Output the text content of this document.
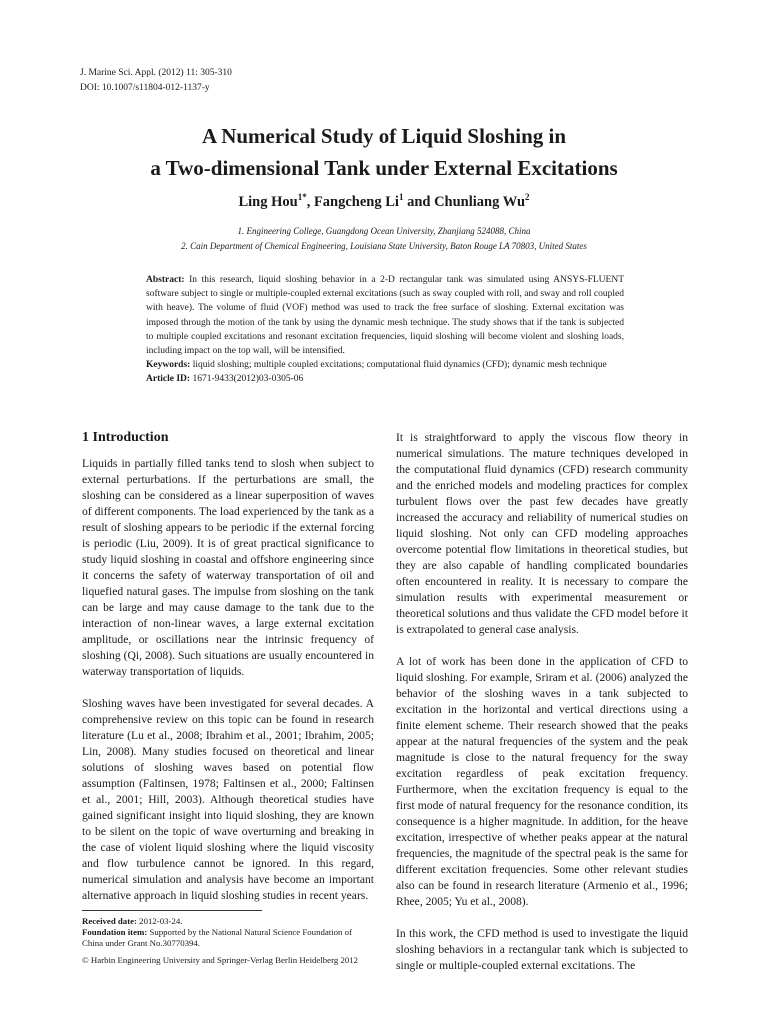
J. Marine Sci. Appl. (2012) 11: 305-310
DOI: 10.1007/s11804-012-1137-y
A Numerical Study of Liquid Sloshing in
a Two-dimensional Tank under External Excitations
Ling Hou$^{1*}$, Fangcheng Li$^1$ and Chunliang Wu$^2$
1. Engineering College, Guangdong Ocean University, Zhanjiang 524088, China
2. Cain Department of Chemical Engineering, Louisiana State University, Baton Rouge LA 70803, United States

Abstract: In this research, liquid sloshing behavior in a 2-D rectangular tank was simulated using ANSYS-FLUENT software subject to single or multiple-coupled external excitations (such as sway coupled with roll, and sway and roll coupled with heave). The volume of fluid (VOF) method was used to track the free surface of sloshing. External excitation was imposed through the motion of the tank by using the dynamic mesh technique. The study shows that if the tank is subjected to multiple coupled excitations and resonant excitation frequencies, liquid sloshing will become violent and sloshing loads, including impact on the top wall, will be intensified.

Keywords: liquid sloshing; multiple coupled excitations; computational fluid dynamics (CFD); dynamic mesh technique

Article ID: 1671-9433(2012)03-0305-06

1 Introduction

Liquids in partially filled tanks tend to slosh when subject to external perturbations. If the perturbations are small, the sloshing can be considered as a linear superposition of waves of different components. The load experienced by the tank as a result of sloshing appears to be periodic if the external forcing is periodic (Liu, 2009). It is of great practical significance to study liquid sloshing in coastal and offshore engineering since it concerns the safety of waterway transportation of oil and liquefied natural gases. The impulse from sloshing on the tank can be large and may cause damage to the tank due to the interaction of non-linear waves, a large external excitation amplitude, or oscillations near the intrinsic frequency of sloshing (Qi, 2008). Such situations are usually encountered in waterway transportation of liquids.

Sloshing waves have been investigated for several decades. A comprehensive review on this topic can be found in research literature (Lu et al., 2008; Ibrahim et al., 2001; Ibrahim, 2005; Lin, 2008). Many studies focused on theoretical and linear solutions of sloshing waves based on potential flow assumption (Faltinsen, 1978; Faltinsen et al., 2000; Faltinsen et al., 2001; Hill, 2003). Although theoretical studies have gained significant insight into liquid sloshing, they are known to be silent on the topic of wave overturning and breaking in the case of violent liquid sloshing where the liquid viscosity and flow turbulence cannot be ignored. In this regard, numerical simulation and analysis have become an important alternative approach in liquid sloshing studies in recent years.

It is straightforward to apply the viscous flow theory in numerical simulations. The mature techniques developed in the computational fluid dynamics (CFD) research community and the enriched models and modeling practices for complex turbulent flows over the past few decades have greatly increased the accuracy and reliability of numerical studies on liquid sloshing. Not only can CFD modeling approaches overcome potential flow limitations in theoretical studies, but they are also capable of handling complicated boundaries often encountered in reality. It is necessary to compare the simulation results with experimental measurement or theoretical solutions and thus validate the CFD model before it is extrapolated to general case analysis.

A lot of work has been done in the application of CFD to liquid sloshing. For example, Sriram et al. (2006) analyzed the behavior of the sloshing waves in a tank subjected to excitation in the horizontal and vertical directions using a finite element scheme. Their research showed that the peaks appear at the natural frequencies of the system and the peak magnitude is close to the natural frequency for the sway excitation regardless of peak excitation frequency. Furthermore, when the excitation frequency is equal to the first mode of natural frequency for the resonance condition, its consequence is a higher magnitude. In addition, for the heave excitation, irrespective of whether peaks appear at the natural frequencies, the magnitude of the spectral peak is the same for different excitation frequencies. Some other relevant studies also can be found in research literature (Armenio et al., 1996; Rhee, 2005; Yu et al., 2008).

In this work, the CFD method is used to investigate the liquid sloshing behaviors in a rectangular tank which is subjected to single or multiple-coupled external excitations. The

Received date: 2012-03-24.

Foundation item: Supported by the National Natural Science Foundation of China under Grant No.30770394.

© Harbin Engineering University and Springer-Verlag Berlin Heidelberg 2012
